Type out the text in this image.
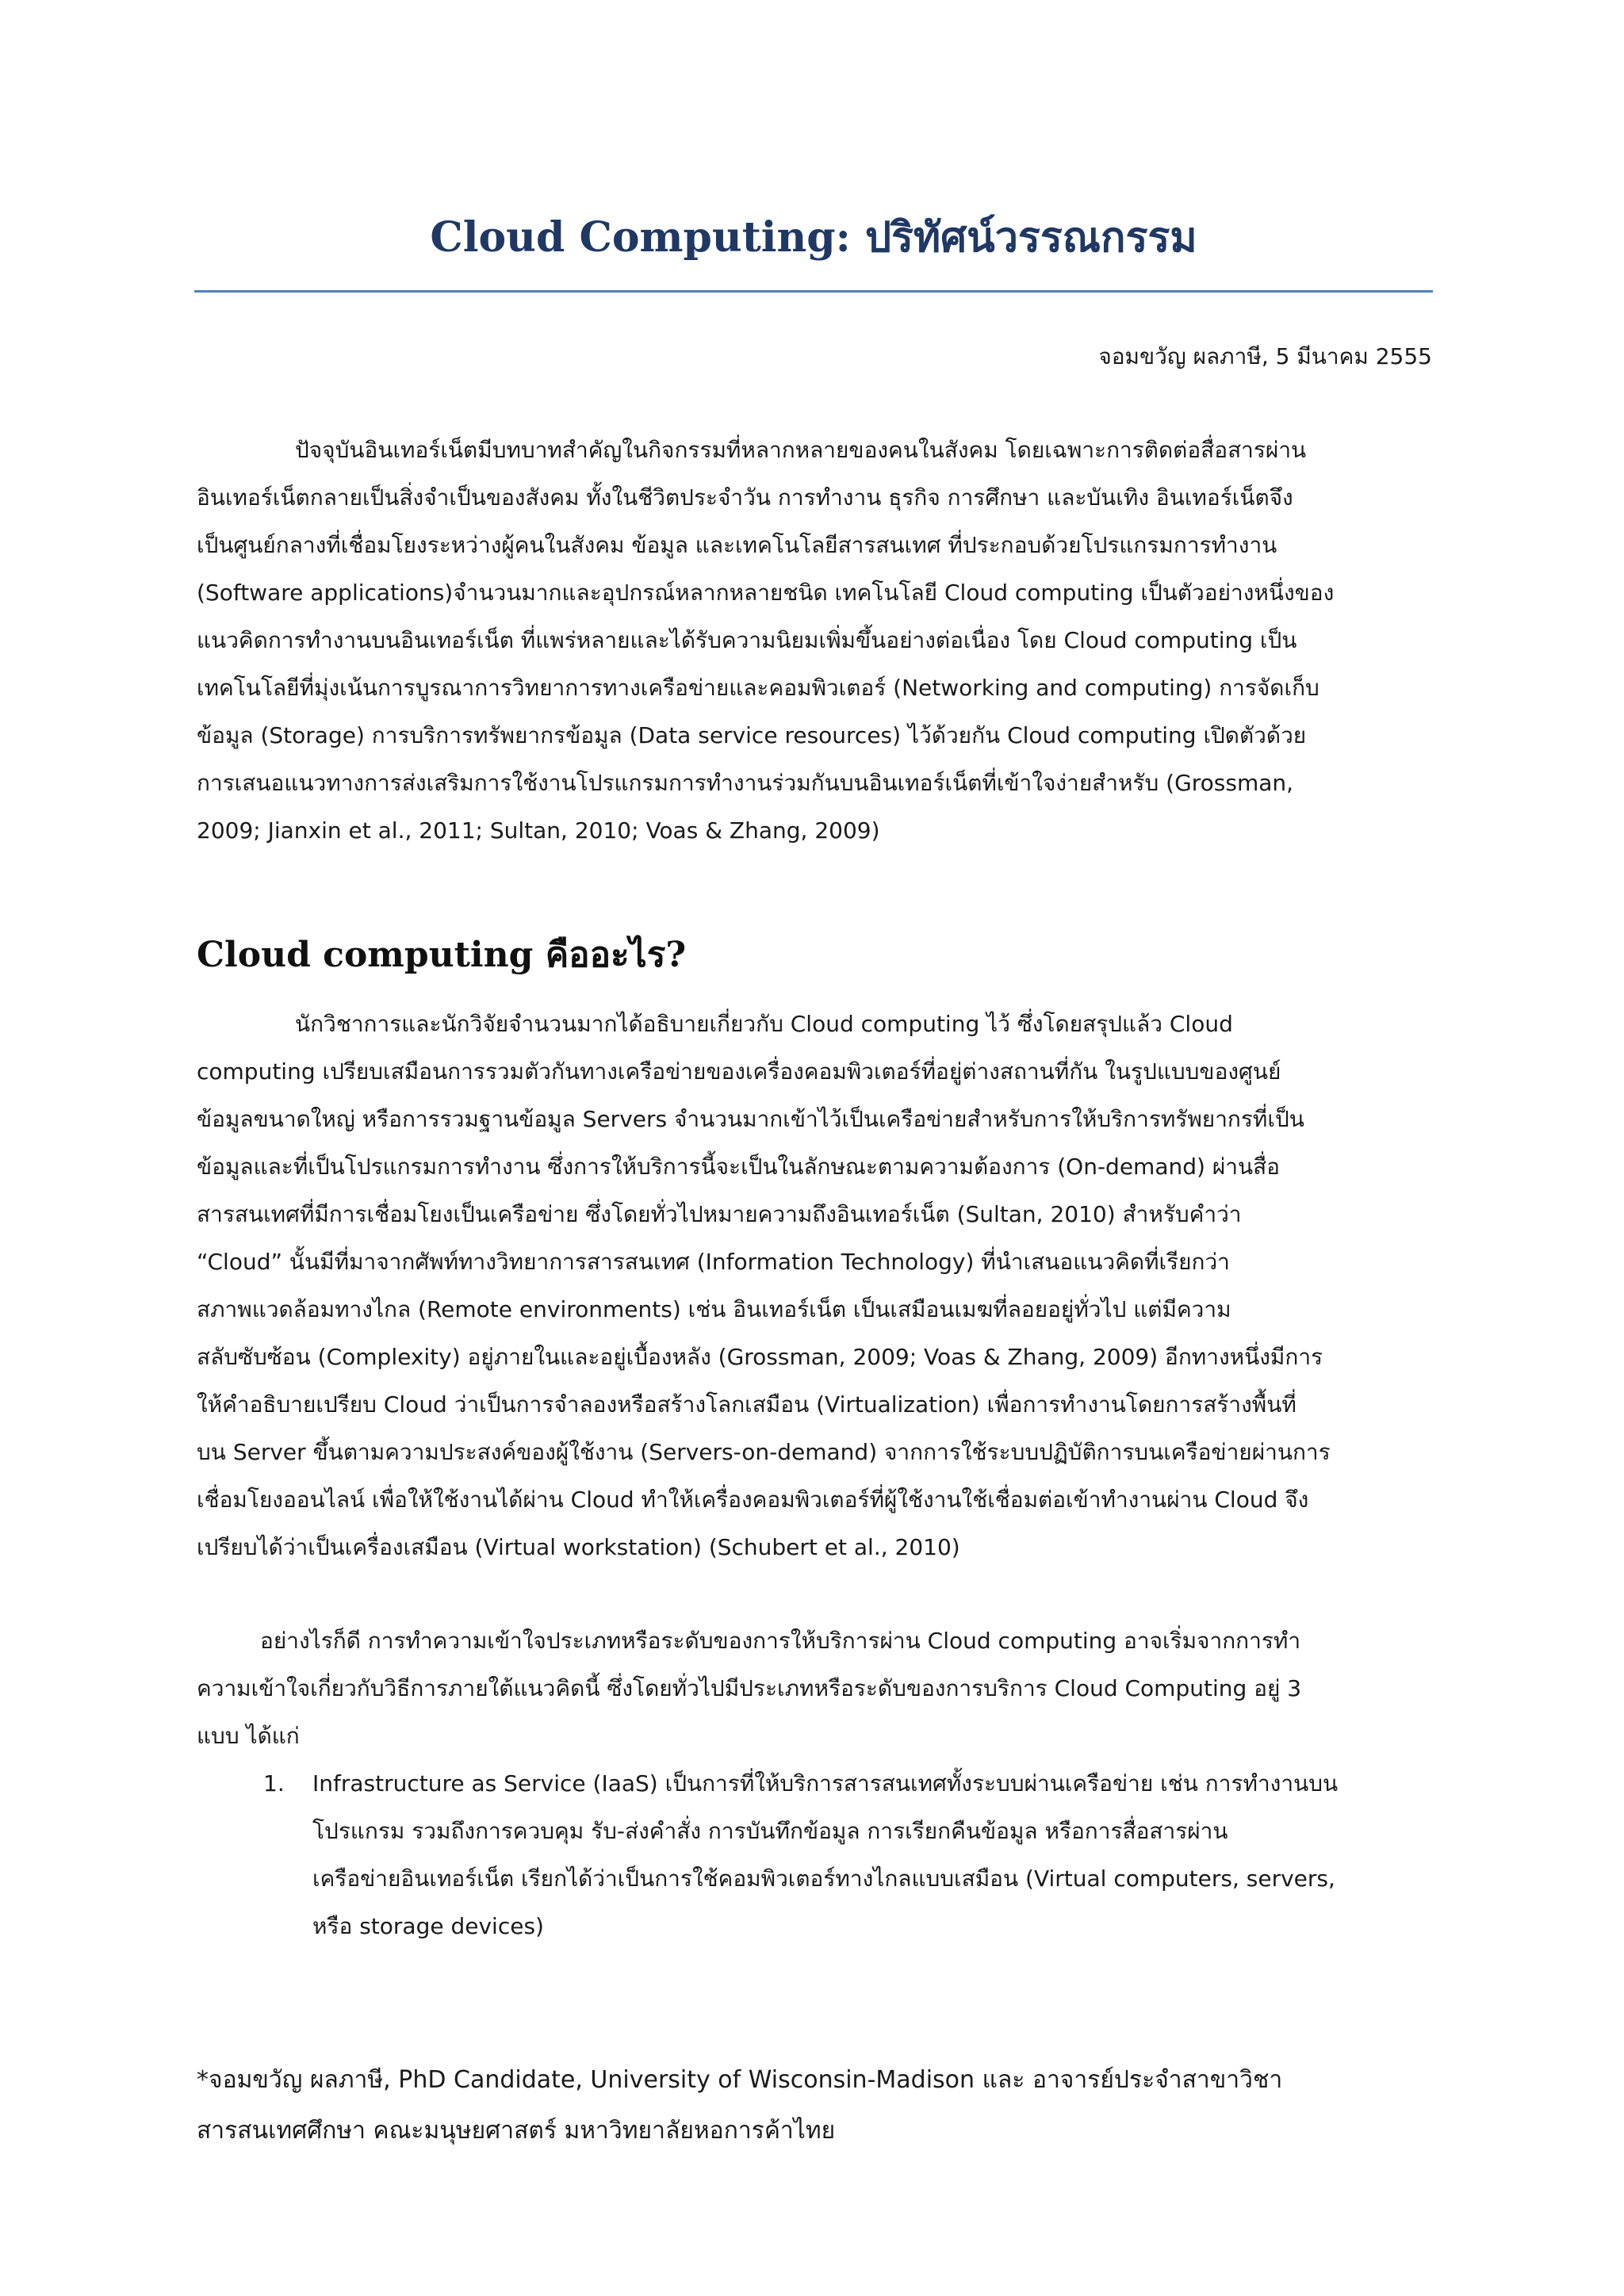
Cloud Computing: ปริทัศน์วรรณกรรม
จอมขวัญ ผลภาษี, 5 มีนาคม 2555

ปัจจุบันอินเทอร์เน็ตมีบทบาทสำคัญในกิจกรรมที่หลากหลายของคนในสังคม โดยเฉพาะการติดต่อสื่อสารผ่าน
อินเทอร์เน็ตกลายเป็นสิ่งจำเป็นของสังคม ทั้งในชีวิตประจำวัน การทำงาน ธุรกิจ การศึกษา และบันเทิง อินเทอร์เน็ตจึง
เป็นศูนย์กลางที่เชื่อมโยงระหว่างผู้คนในสังคม ข้อมูล และเทคโนโลยีสารสนเทศ ที่ประกอบด้วยโปรแกรมการทำงาน
(Software applications)จำนวนมากและอุปกรณ์หลากหลายชนิด เทคโนโลยี Cloud computing เป็นตัวอย่างหนึ่งของ
แนวคิดการทำงานบนอินเทอร์เน็ต ที่แพร่หลายและได้รับความนิยมเพิ่มขึ้นอย่างต่อเนื่อง โดย Cloud computing เป็น
เทคโนโลยีที่มุ่งเน้นการบูรณาการวิทยาการทางเครือข่ายและคอมพิวเตอร์ (Networking and computing) การจัดเก็บ
ข้อมูล (Storage) การบริการทรัพยากรข้อมูล (Data service resources) ไว้ด้วยกัน Cloud computing เปิดตัวด้วย
การเสนอแนวทางการส่งเสริมการใช้งานโปรแกรมการทำงานร่วมกันบนอินเทอร์เน็ตที่เข้าใจง่ายสำหรับ (Grossman,
2009; Jianxin et al., 2011; Sultan, 2010; Voas & Zhang, 2009)

Cloud computing คืออะไร?

นักวิชาการและนักวิจัยจำนวนมากได้อธิบายเกี่ยวกับ Cloud computing ไว้ ซึ่งโดยสรุปแล้ว Cloud
computing เปรียบเสมือนการรวมตัวกันทางเครือข่ายของเครื่องคอมพิวเตอร์ที่อยู่ต่างสถานที่กัน ในรูปแบบของศูนย์
ข้อมูลขนาดใหญ่ หรือการรวมฐานข้อมูล Servers จำนวนมากเข้าไว้เป็นเครือข่ายสำหรับการให้บริการทรัพยากรที่เป็น
ข้อมูลและที่เป็นโปรแกรมการทำงาน ซึ่งการให้บริการนี้จะเป็นในลักษณะตามความต้องการ (On-demand) ผ่านสื่อ
สารสนเทศที่มีการเชื่อมโยงเป็นเครือข่าย ซึ่งโดยทั่วไปหมายความถึงอินเทอร์เน็ต (Sultan, 2010) สำหรับคำว่า
“Cloud” นั้นมีที่มาจากศัพท์ทางวิทยาการสารสนเทศ (Information Technology) ที่นำเสนอแนวคิดที่เรียกว่า
สภาพแวดล้อมทางไกล (Remote environments) เช่น อินเทอร์เน็ต เป็นเสมือนเมฆที่ลอยอยู่ทั่วไป แต่มีความ
สลับซับซ้อน (Complexity) อยู่ภายในและอยู่เบื้องหลัง (Grossman, 2009; Voas & Zhang, 2009) อีกทางหนึ่งมีการ
ให้คำอธิบายเปรียบ Cloud ว่าเป็นการจำลองหรือสร้างโลกเสมือน (Virtualization) เพื่อการทำงานโดยการสร้างพื้นที่
บน Server ขึ้นตามความประสงค์ของผู้ใช้งาน (Servers-on-demand) จากการใช้ระบบปฏิบัติการบนเครือข่ายผ่านการ
เชื่อมโยงออนไลน์ เพื่อให้ใช้งานได้ผ่าน Cloud ทำให้เครื่องคอมพิวเตอร์ที่ผู้ใช้งานใช้เชื่อมต่อเข้าทำงานผ่าน Cloud จึง
เปรียบได้ว่าเป็นเครื่องเสมือน (Virtual workstation) (Schubert et al., 2010)

อย่างไรก็ดี การทำความเข้าใจประเภทหรือระดับของการให้บริการผ่าน Cloud computing อาจเริ่มจากการทำ
ความเข้าใจเกี่ยวกับวิธีการภายใต้แนวคิดนี้ ซึ่งโดยทั่วไปมีประเภทหรือระดับของการบริการ Cloud Computing อยู่ 3
แบบ ได้แก่

1. Infrastructure as Service (IaaS) เป็นการที่ให้บริการสารสนเทศทั้งระบบผ่านเครือข่าย เช่น การทำงานบน
โปรแกรม รวมถึงการควบคุม รับ-ส่งคำสั่ง การบันทึกข้อมูล การเรียกคืนข้อมูล หรือการสื่อสารผ่าน
เครือข่ายอินเทอร์เน็ต เรียกได้ว่าเป็นการใช้คอมพิวเตอร์ทางไกลแบบเสมือน (Virtual computers, servers,
หรือ storage devices)

*จอมขวัญ ผลภาษี, PhD Candidate, University of Wisconsin-Madison และ อาจารย์ประจำสาขาวิชา
สารสนเทศศึกษา คณะมนุษยศาสตร์ มหาวิทยาลัยหอการค้าไทย
